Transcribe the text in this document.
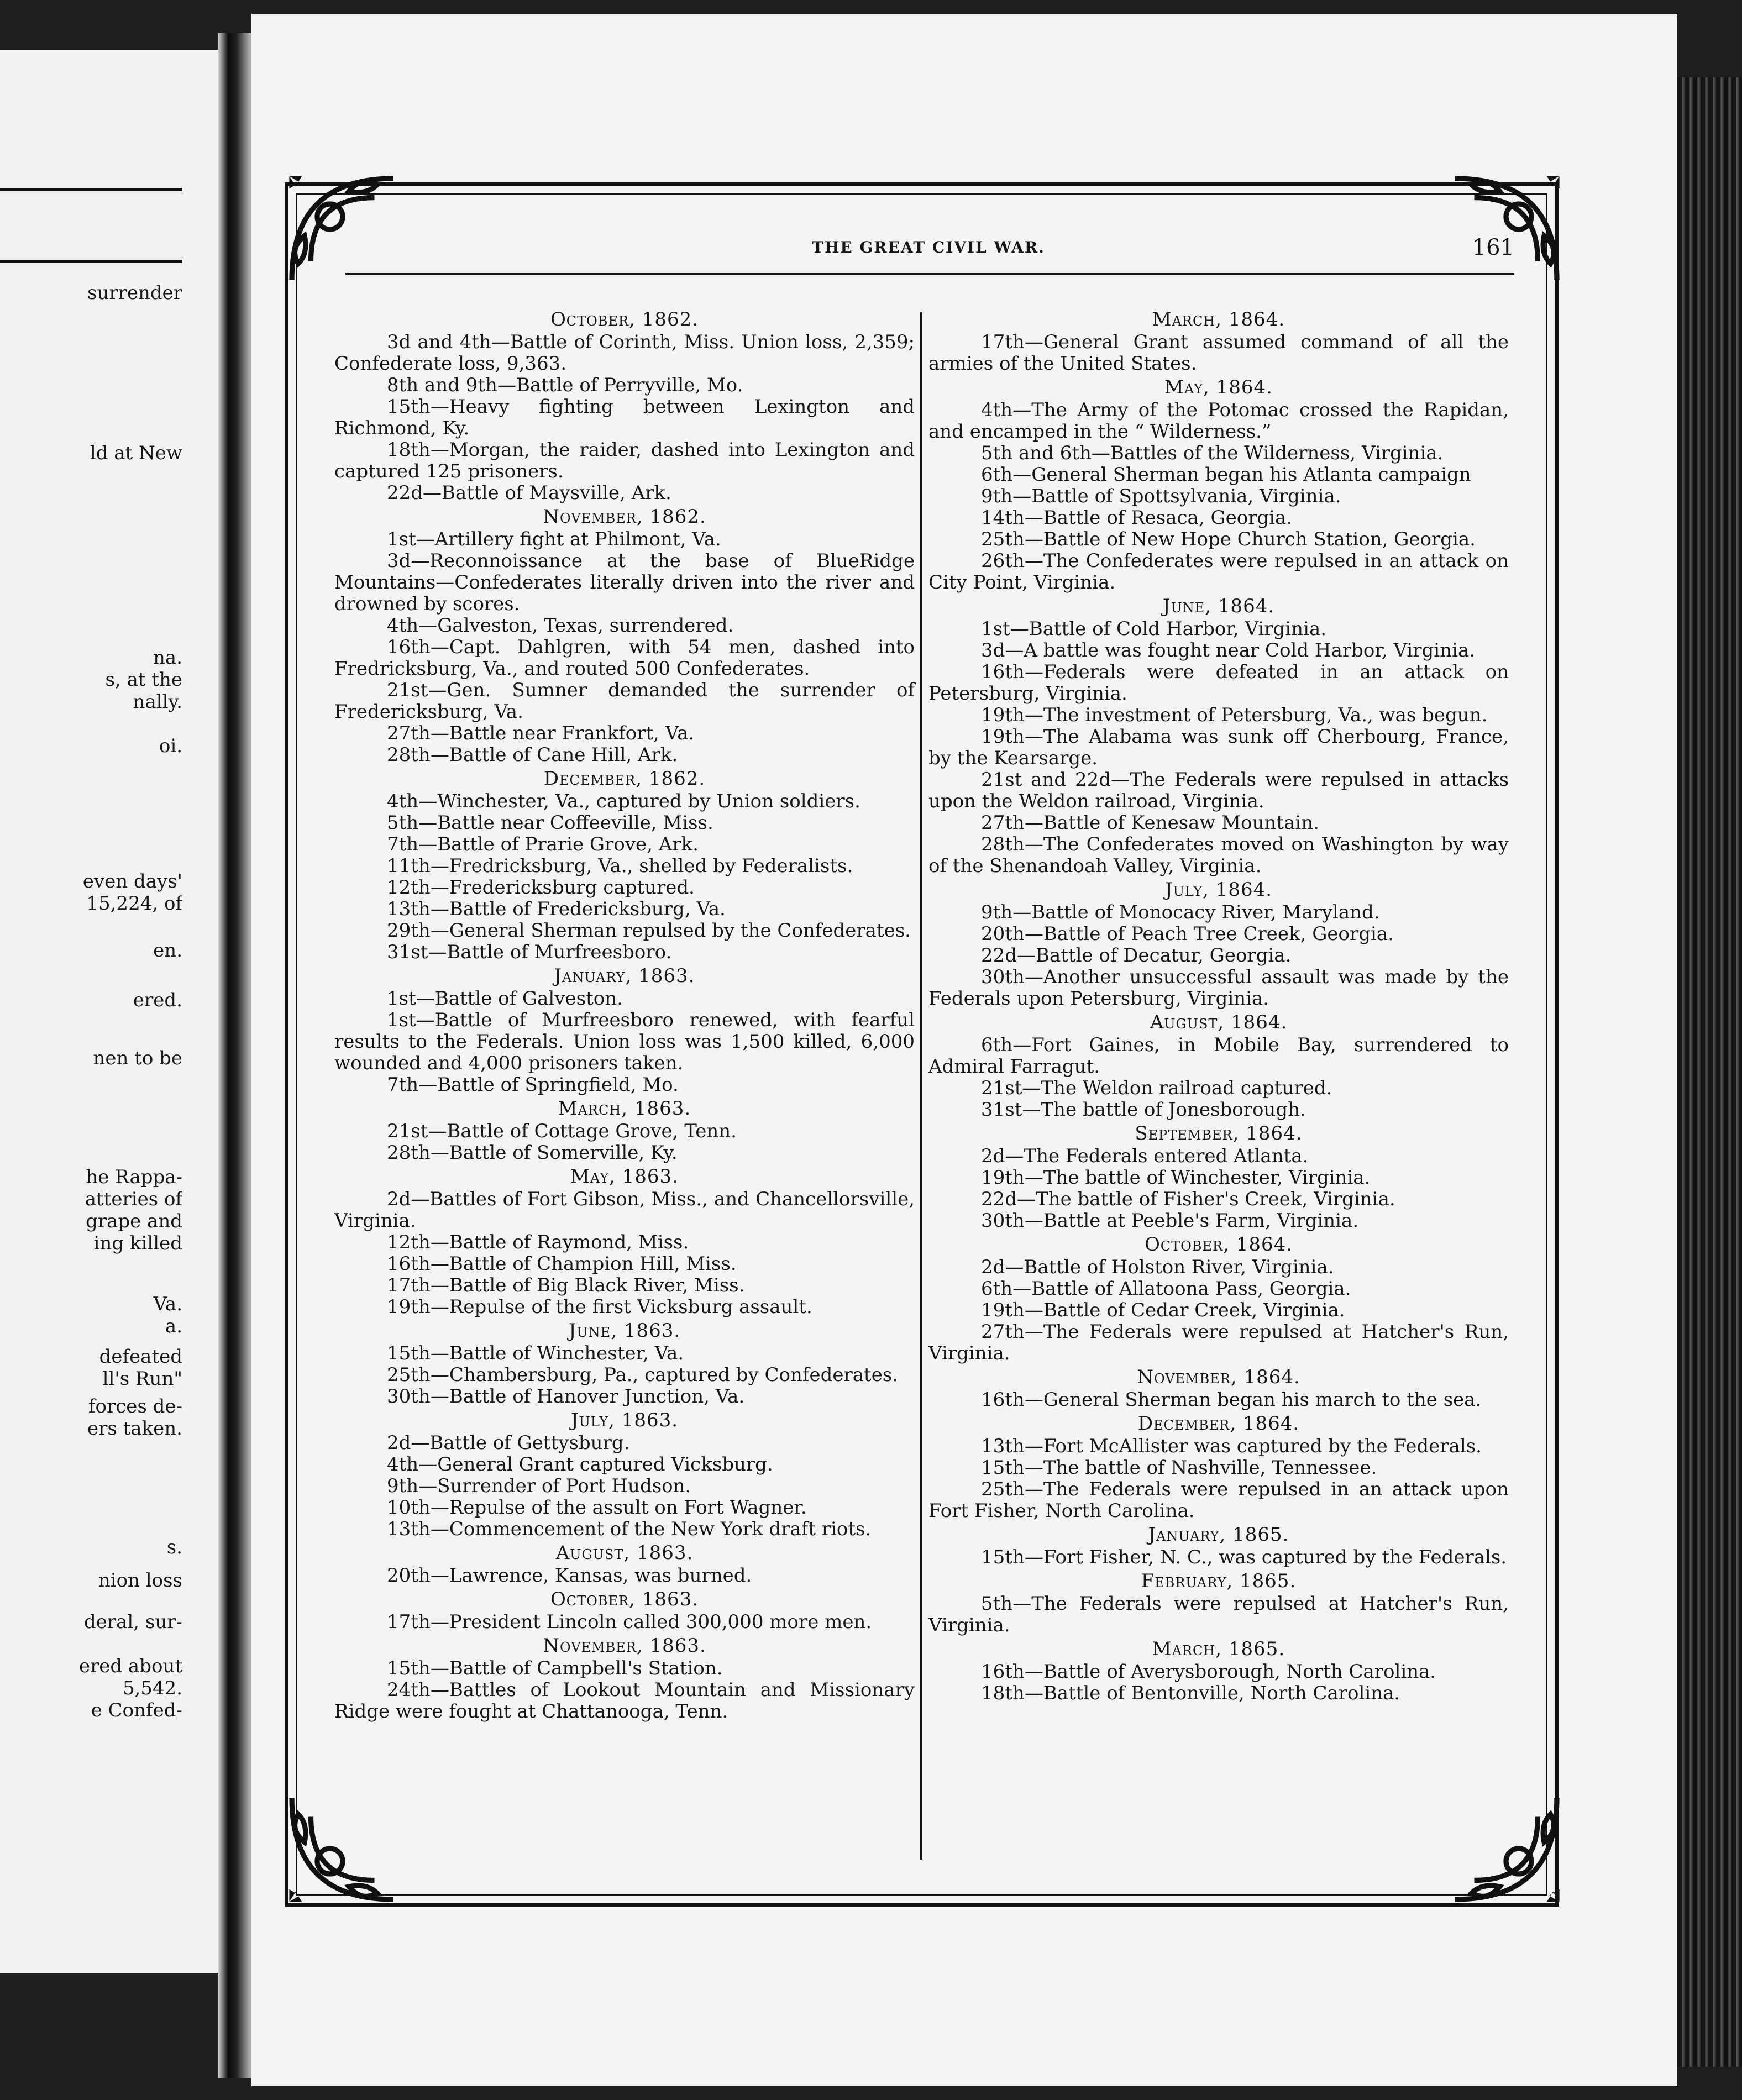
surrender
ld at New
na.
s, at the
nally.
oi.
even days'
15,224, of
en.
ered.
nen to be
he Rappa-
atteries of
grape and
ing killed
Va.
a.
defeated
ll's Run"
forces de-
ers taken.
s.
nion loss
deral, sur-
ered about
5,542.
e Confed-
THE GREAT CIVIL WAR.	161
October, 1862.

3d and 4th—Battle of Corinth, Miss. Union loss, 2,359; Confederate loss, 9,363.

8th and 9th—Battle of Perryville, Mo.

15th—Heavy fighting between Lexington and Richmond, Ky.

18th—Morgan, the raider, dashed into Lexington and captured 125 prisoners.

22d—Battle of Maysville, Ark.

November, 1862.

1st—Artillery fight at Philmont, Va.

3d—Reconnoissance at the base of BlueRidge Mountains—Confederates literally driven into the river and drowned by scores.

4th—Galveston, Texas, surrendered.

16th—Capt. Dahlgren, with 54 men, dashed into Fredricksburg, Va., and routed 500 Confederates.

21st—Gen. Sumner demanded the surrender of Fredericksburg, Va.

27th—Battle near Frankfort, Va.

28th—Battle of Cane Hill, Ark.

December, 1862.

4th—Winchester, Va., captured by Union soldiers.

5th—Battle near Coffeeville, Miss.

7th—Battle of Prarie Grove, Ark.

11th—Fredricksburg, Va., shelled by Federalists.

12th—Fredericksburg captured.

13th—Battle of Fredericksburg, Va.

29th—General Sherman repulsed by the Confederates.

31st—Battle of Murfreesboro.

January, 1863.

1st—Battle of Galveston.

1st—Battle of Murfreesboro renewed, with fearful results to the Federals. Union loss was 1,500 killed, 6,000 wounded and 4,000 prisoners taken.

7th—Battle of Springfield, Mo.

March, 1863.

21st—Battle of Cottage Grove, Tenn.

28th—Battle of Somerville, Ky.

May, 1863.

2d—Battles of Fort Gibson, Miss., and Chancellorsville, Virginia.

12th—Battle of Raymond, Miss.

16th—Battle of Champion Hill, Miss.

17th—Battle of Big Black River, Miss.

19th—Repulse of the first Vicksburg assault.

June, 1863.

15th—Battle of Winchester, Va.

25th—Chambersburg, Pa., captured by Confederates.

30th—Battle of Hanover Junction, Va.

July, 1863.

2d—Battle of Gettysburg.

4th—General Grant captured Vicksburg.

9th—Surrender of Port Hudson.

10th—Repulse of the assult on Fort Wagner.

13th—Commencement of the New York draft riots.

August, 1863.

20th—Lawrence, Kansas, was burned.

October, 1863.

17th—President Lincoln called 300,000 more men.

November, 1863.

15th—Battle of Campbell's Station.

24th—Battles of Lookout Mountain and Missionary Ridge were fought at Chattanooga, Tenn.

March, 1864.

17th—General Grant assumed command of all the armies of the United States.

May, 1864.

4th—The Army of the Potomac crossed the Rapidan, and encamped in the “ Wilderness.”

5th and 6th—Battles of the Wilderness, Virginia.

6th—General Sherman began his Atlanta campaign

9th—Battle of Spottsylvania, Virginia.

14th—Battle of Resaca, Georgia.

25th—Battle of New Hope Church Station, Georgia.

26th—The Confederates were repulsed in an attack on City Point, Virginia.

June, 1864.

1st—Battle of Cold Harbor, Virginia.

3d—A battle was fought near Cold Harbor, Virginia.

16th—Federals were defeated in an attack on Petersburg, Virginia.

19th—The investment of Petersburg, Va., was begun.

19th—The Alabama was sunk off Cherbourg, France, by the Kearsarge.

21st and 22d—The Federals were repulsed in attacks upon the Weldon railroad, Virginia.

27th—Battle of Kenesaw Mountain.

28th—The Confederates moved on Washington by way of the Shenandoah Valley, Virginia.

July, 1864.

9th—Battle of Monocacy River, Maryland.

20th—Battle of Peach Tree Creek, Georgia.

22d—Battle of Decatur, Georgia.

30th—Another unsuccessful assault was made by the Federals upon Petersburg, Virginia.

August, 1864.

6th—Fort Gaines, in Mobile Bay, surrendered to Admiral Farragut.

21st—The Weldon railroad captured.

31st—The battle of Jonesborough.

September, 1864.

2d—The Federals entered Atlanta.

19th—The battle of Winchester, Virginia.

22d—The battle of Fisher's Creek, Virginia.

30th—Battle at Peeble's Farm, Virginia.

October, 1864.

2d—Battle of Holston River, Virginia.

6th—Battle of Allatoona Pass, Georgia.

19th—Battle of Cedar Creek, Virginia.

27th—The Federals were repulsed at Hatcher's Run, Virginia.

November, 1864.

16th—General Sherman began his march to the sea.

December, 1864.

13th—Fort McAllister was captured by the Federals.

15th—The battle of Nashville, Tennessee.

25th—The Federals were repulsed in an attack upon Fort Fisher, North Carolina.

January, 1865.

15th—Fort Fisher, N. C., was captured by the Federals.

February, 1865.

5th—The Federals were repulsed at Hatcher's Run, Virginia.

March, 1865.

16th—Battle of Averysborough, North Carolina.

18th—Battle of Bentonville, North Carolina.
